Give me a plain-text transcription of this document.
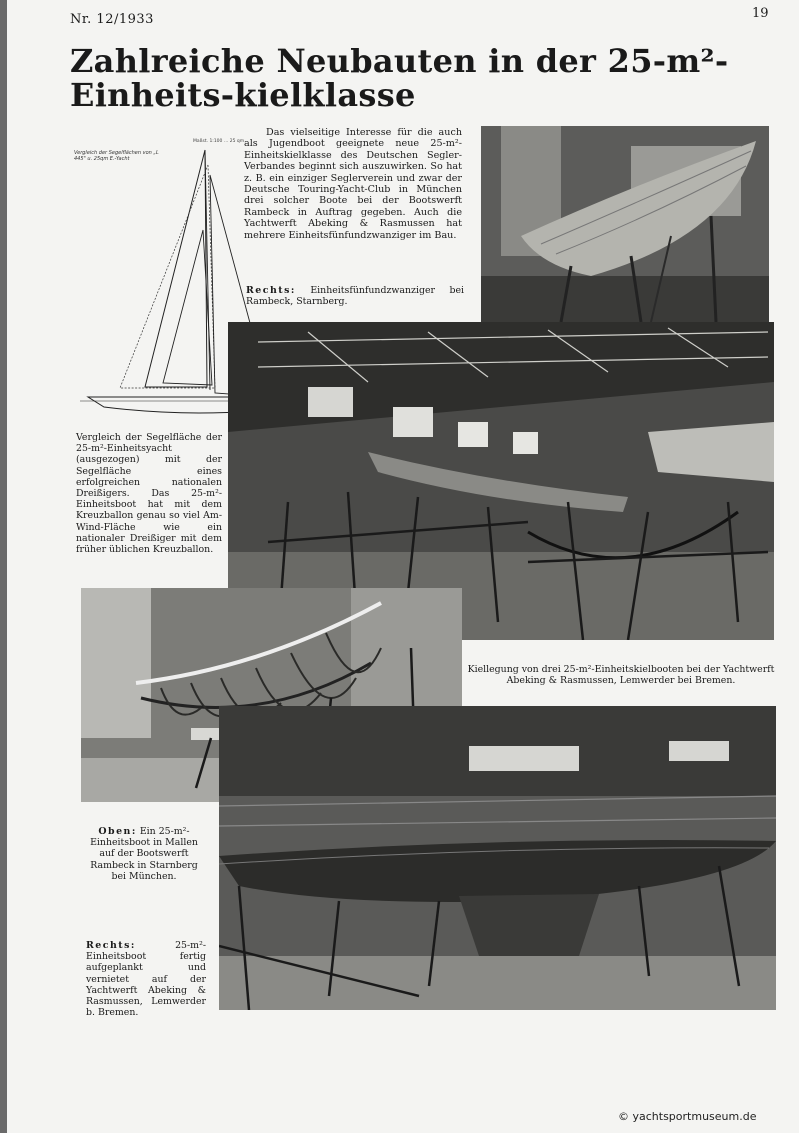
Nr. 12/1933	19
Zahlreiche Neubauten in der 25-m²-Einheits-kielklasse
Vergleich der Segelflächen von „L 445" u. 25qm E.-Yacht
Maßst. 1:100 … 25 qm
Das vielseitige Interesse für die auch als Jugendboot geeignete neue 25-m²-Einheitskielklasse des Deutschen Segler-Verbandes beginnt sich auszuwirken. So hat z. B. ein einziger Seglerverein und zwar der Deutsche Touring-Yacht-Club in München drei solcher Boote bei der Bootswerft Rambeck in Auftrag gegeben. Auch die Yachtwerft Abeking & Rasmussen hat mehrere Einheitsfünfundzwanziger im Bau.
Rechts: Einheitsfünfundzwanziger bei Rambeck, Starnberg.
Vergleich der Segelfläche der 25-m²-Einheitsyacht (ausgezogen) mit der Segelfläche eines erfolgreichen nationalen Dreißigers. Das 25-m²-Einheitsboot hat mit dem Kreuzballon genau so viel Am-Wind-Fläche wie ein nationaler Dreißiger mit dem früher üblichen Kreuzballon.
Kiellegung von drei 25-m²-Einheitskielbooten bei der Yachtwerft Abeking & Rasmussen, Lemwerder bei Bremen.
Oben: Ein 25-m²-Einheitsboot in Mallen auf der Bootswerft Rambeck in Starnberg bei München.
Rechts:	25-m²-Einheitsboot fertig aufgeplankt und vernietet auf der Yachtwerft Abeking & Rasmussen, Lemwerder b. Bremen.
© yachtsportmuseum.de
